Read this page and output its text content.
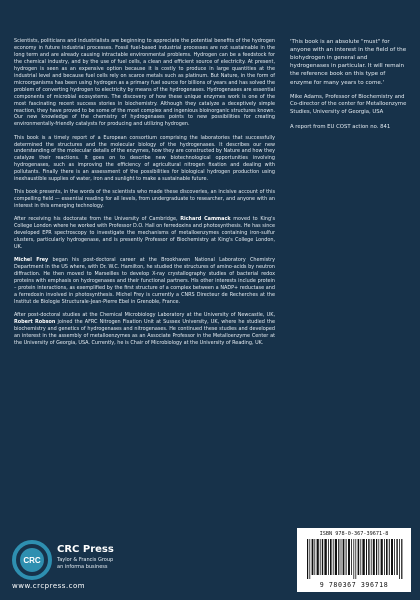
Scientists, politicians and industrialists are beginning to appreciate the potential benefits of the hydrogen economy in future industrial processes. Fossil fuel-based industrial processes are not sustainable in the long term and are already causing intractable environmental problems. Hydrogen can be a feedstock for the chemical industry, and by the use of fuel cells, a clean and efficient source of electricity. At present, hydrogen is seen as an expensive option because it is costly to produce in large quantities at the industrial level and because fuel cells rely on scarce metals such as platinum. But Nature, in the form of microorganisms has been using hydrogen as a primary fuel source for billions of years and has solved the problem of converting hydrogen to electricity by means of the hydrogenases. Hydrogenases are essential components of microbial ecosystems. The discovery of how these unique enzymes work is one of the most fascinating recent success stories in biochemistry. Although they catalyze a deceptively simple reaction, they have proved to be some of the most complex and ingenious bioinorganic structures known. Our new knowledge of the chemistry of hydrogenases points to new possibilities for creating environmentally-friendly catalysts for producing and utilizing hydrogen.

This book is a timely report of a European consortium comprising the laboratories that successfully determined the structures and the molecular biology of the hydrogenases. It describes our new understanding of the molecular details of the enzymes, how they are constructed by Nature and how they catalyze their reactions. It goes on to describe new biotechnological opportunities involving hydrogenases, such as improving the efficiency of agricultural nitrogen fixation and dealing with pollutants. Finally there is an assessment of the possibilities for biological hydrogen production using inexhaustible supplies of water, iron and sunlight to make a sustainable future.

This book presents, in the words of the scientists who made these discoveries, an incisive account of this compelling field — essential reading for all levels, from undergraduate to researcher, and anyone with an interest in this emerging technology.

After receiving his doctorate from the University of Cambridge, Richard Cammack moved to King's College London where he worked with Professor D.O. Hall on ferredoxins and photosynthesis. He has since developed EPR spectroscopy to investigate the mechanisms of metalloenzymes containing iron-sulfur clusters, particularly hydrogenase, and is presently Professor of Biochemistry at King's College London, UK.

Michel Frey began his post-doctoral career at the Brookhaven National Laboratory Chemistry Department in the US where, with Dr. W.C. Hamilton, he studied the structures of amino-acids by neutron diffraction. He then moved to Marseilles to develop X-ray crystallography studies of bacterial redox proteins with emphasis on hydrogenases and their functional partners. His other interests include protein – protein interactions, as exemplified by the first structure of a complex between a NADP+ reductase and a ferredoxin involved in photosynthesis. Michel Frey is currently a CNRS Directeur de Recherches at the Institut de Biologie Structurale-Jean-Pierre Ebel in Grenoble, France.

After post-doctoral studies at the Chemical Microbiology Laboratory at the University of Newcastle, UK, Robert Robson joined the AFRC Nitrogen Fixation Unit at Sussex University, UK, where he studied the biochemistry and genetics of hydrogenases and nitrogenases. He continued these studies and developed an interest in the assembly of metalloenzymes as an Associate Professor in the Metalloenzyme Center at the University of Georgia, USA. Currently, he is Chair of Microbiology at the University of Reading, UK.

'This book is an absolute "must" for anyone with an interest in the field of the biohydrogen in general and hydrogenases in particular. It will remain the reference book on this type of enzyme for many years to come.'

Mike Adams, Professor of Biochemistry and Co-director of the center for Metalloenzyme Studies, University of Georgia, USA

A report from EU COST action no. 841

CRC
CRC Press
Taylor & Francis Group
an informa business
www.crcpress.com
ISBN 978-0-367-39671-8
9 780367 396718
